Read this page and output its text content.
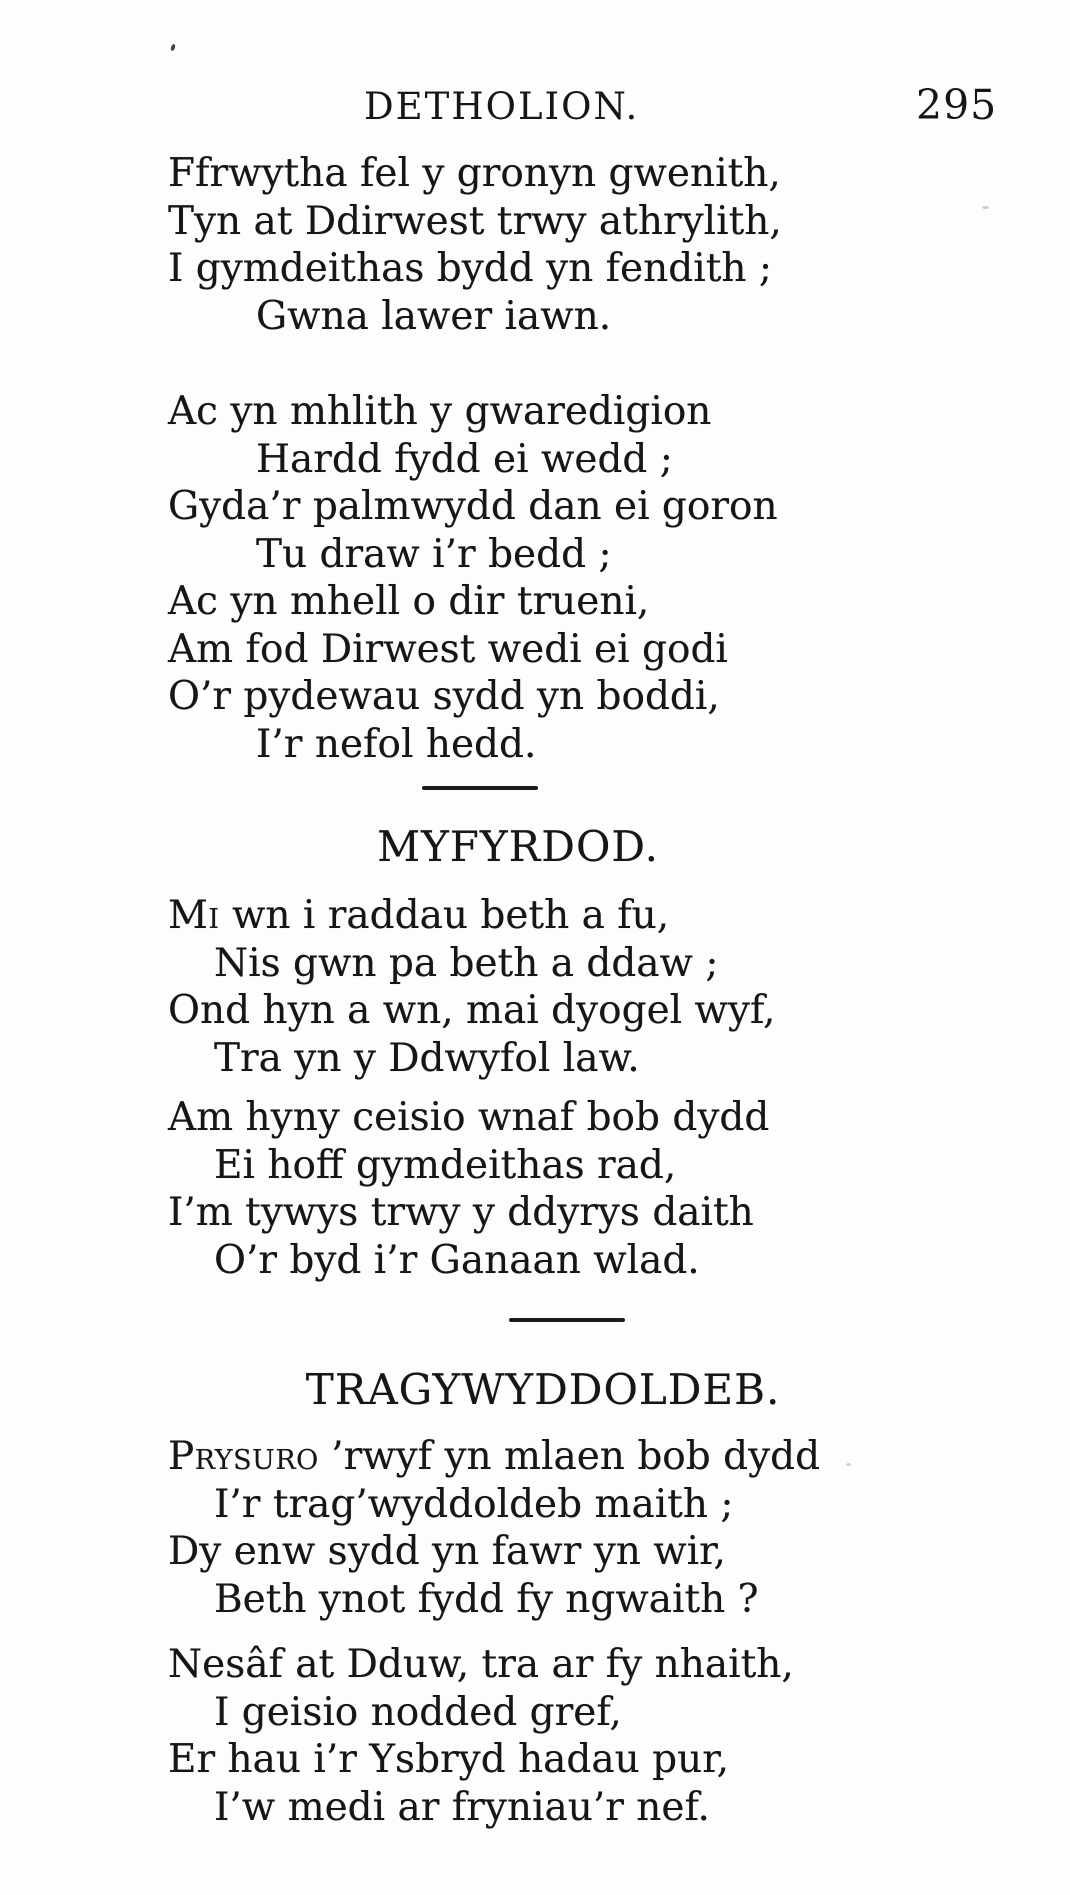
DETHOLION.	295
Ffrwytha fel y gronyn gwenith,
Tyn at Ddirwest trwy athrylith,
I gymdeithas bydd yn fendith ;
Gwna lawer iawn.
Ac yn mhlith y gwaredigion
Hardd fydd ei wedd ;
Gyda’r palmwydd dan ei goron
Tu draw i’r bedd ;
Ac yn mhell o dir trueni,
Am fod Dirwest wedi ei godi
O’r pydewau sydd yn boddi,
I’r nefol hedd.
MYFYRDOD.
Mi wn i raddau beth a fu,
Nis gwn pa beth a ddaw ;
Ond hyn a wn, mai dyogel wyf,
Tra yn y Ddwyfol law.
Am hyny ceisio wnaf bob dydd
Ei hoff gymdeithas rad,
I’m tywys trwy y ddyrys daith
O’r byd i’r Ganaan wlad.
TRAGYWYDDOLDEB.
Prysuro ’rwyf yn mlaen bob dydd
I’r trag’wyddoldeb maith ;
Dy enw sydd yn fawr yn wir,
Beth ynot fydd fy ngwaith ?
Nesâf at Dduw, tra ar fy nhaith,
I geisio nodded gref,
Er hau i’r Ysbryd hadau pur,
I’w medi ar fryniau’r nef.
